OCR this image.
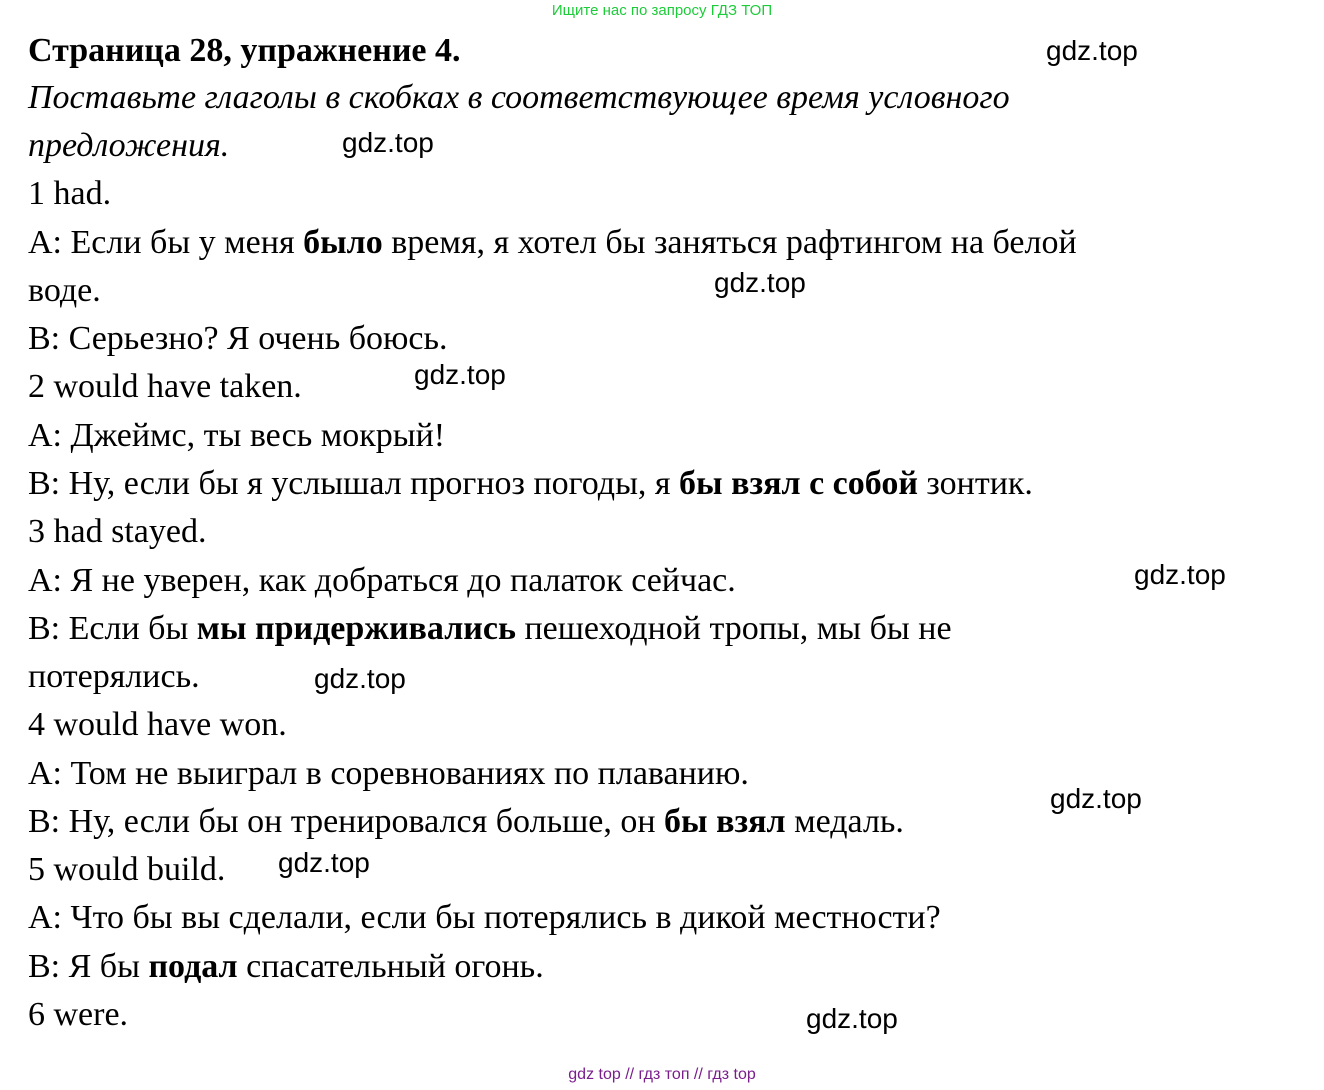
Ищите нас по запросу ГДЗ ТОП
Страница 28, упражнение 4.
Поставьте глаголы в скобках в соответствующее время условного
предложения.
1 had.
A: Если бы у меня было время, я хотел бы заняться рафтингом на белой
воде.
B: Серьезно? Я очень боюсь.
2 would have taken.
A: Джеймс, ты весь мокрый!
B: Ну, если бы я услышал прогноз погоды, я бы взял с собой зонтик.
3 had stayed.
A: Я не уверен, как добраться до палаток сейчас.
B: Если бы мы придерживались пешеходной тропы, мы бы не
потерялись.
4 would have won.
A: Том не выиграл в соревнованиях по плаванию.
B: Ну, если бы он тренировался больше, он бы взял медаль.
5 would build.
A: Что бы вы сделали, если бы потерялись в дикой местности?
B: Я бы подал спасательный огонь.
6 were.
gdz.top
gdz.top
gdz.top
gdz.top
gdz.top
gdz.top
gdz.top
gdz.top
gdz.top
gdz top // гдз топ // гдз top
